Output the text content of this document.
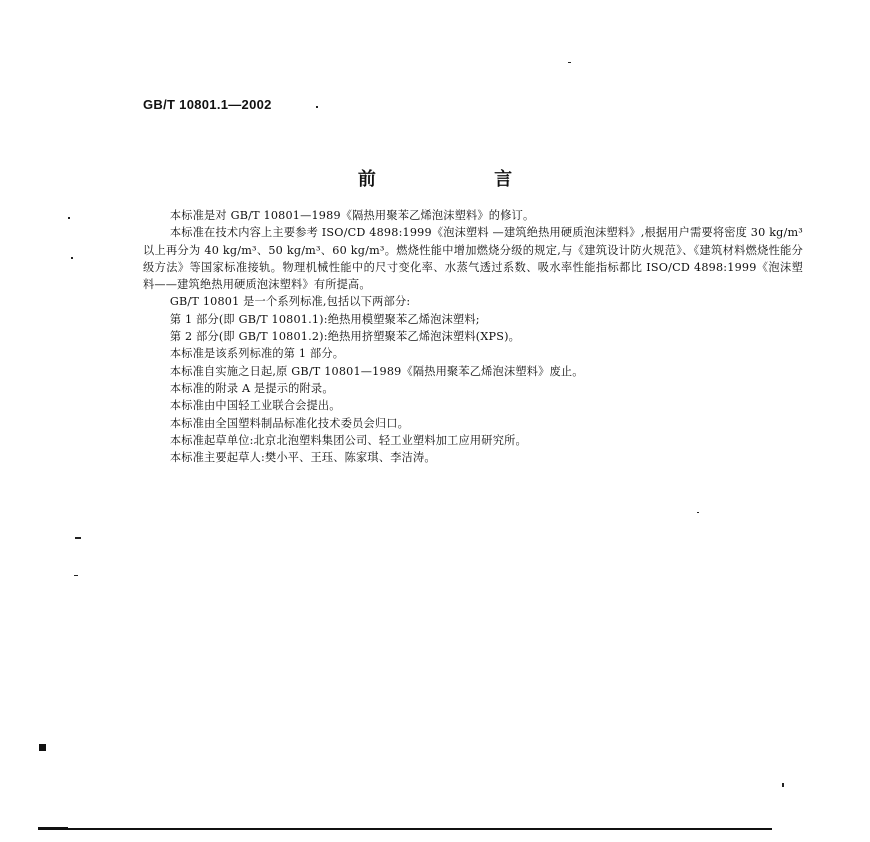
GB/T 10801.1—2002
前 言

本标准是对 GB/T 10801—1989《隔热用聚苯乙烯泡沫塑料》的修订。

本标准在技术内容上主要参考 ISO/CD 4898:1999《泡沫塑料 —建筑绝热用硬质泡沫塑料》,根据用户需要将密度 30 kg/m³ 以上再分为 40 kg/m³、50 kg/m³、60 kg/m³。燃烧性能中增加燃烧分级的规定,与《建筑设计防火规范》、《建筑材料燃烧性能分级方法》等国家标准接轨。物理机械性能中的尺寸变化率、水蒸气透过系数、吸水率性能指标都比 ISO/CD 4898:1999《泡沫塑料——建筑绝热用硬质泡沫塑料》有所提高。

GB/T 10801 是一个系列标准,包括以下两部分:

第 1 部分(即 GB/T 10801.1):绝热用模塑聚苯乙烯泡沫塑料;

第 2 部分(即 GB/T 10801.2):绝热用挤塑聚苯乙烯泡沫塑料(XPS)。

本标准是该系列标准的第 1 部分。

本标准自实施之日起,原 GB/T 10801—1989《隔热用聚苯乙烯泡沫塑料》废止。

本标准的附录 A 是提示的附录。

本标准由中国轻工业联合会提出。

本标准由全国塑料制品标准化技术委员会归口。

本标准起草单位:北京北泡塑料集团公司、轻工业塑料加工应用研究所。

本标准主要起草人:樊小平、王珏、陈家琪、李洁涛。
